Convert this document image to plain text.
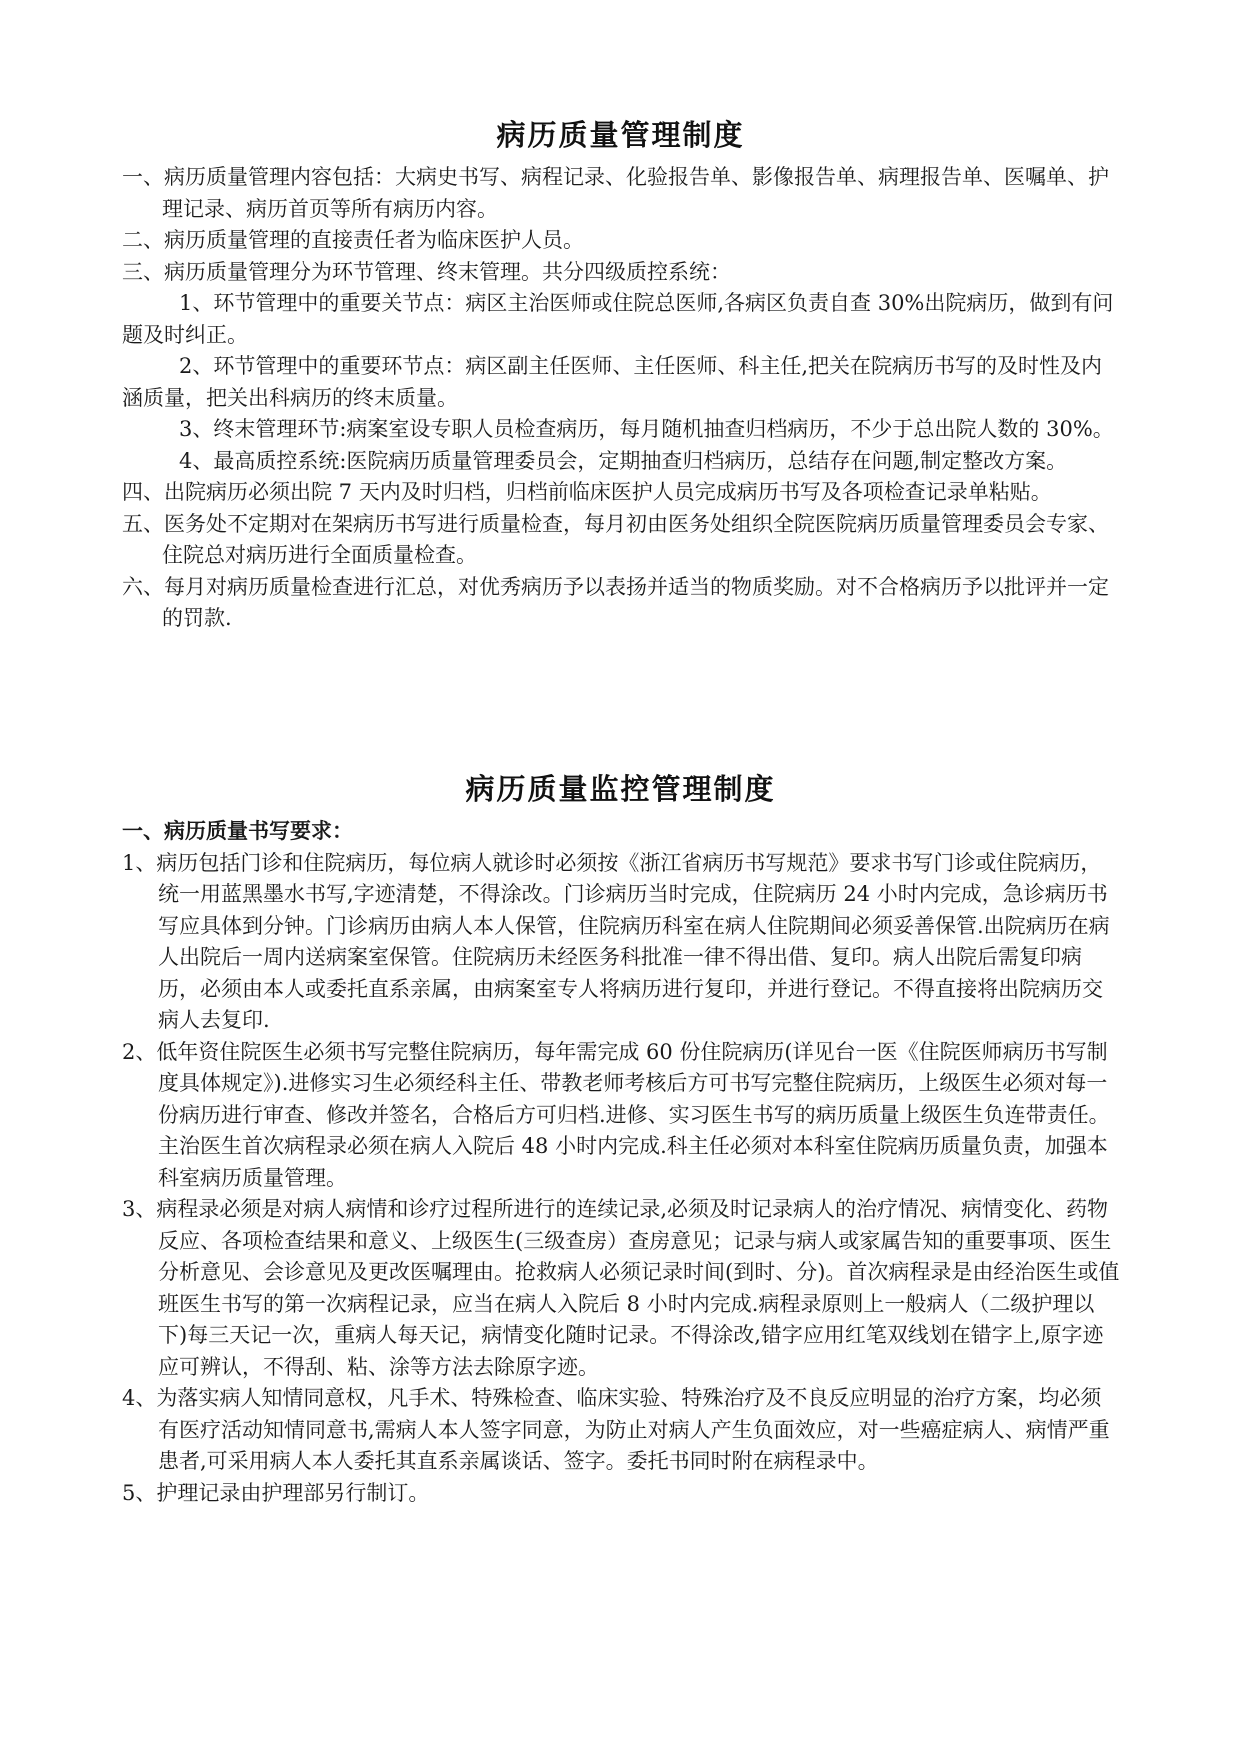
病历质量管理制度

一、病历质量管理内容包括：大病史书写、病程记录、化验报告单、影像报告单、病理报告单、医嘱单、护理记录、病历首页等所有病历内容。

二、病历质量管理的直接责任者为临床医护人员。

三、病历质量管理分为环节管理、终末管理。共分四级质控系统：

1、环节管理中的重要关节点：病区主治医师或住院总医师,各病区负责自查 30%出院病历，做到有问题及时纠正。

2、环节管理中的重要环节点：病区副主任医师、主任医师、科主任,把关在院病历书写的及时性及内涵质量，把关出科病历的终末质量。

3、终末管理环节:病案室设专职人员检查病历，每月随机抽查归档病历，不少于总出院人数的 30%。

4、最高质控系统:医院病历质量管理委员会，定期抽查归档病历，总结存在问题,制定整改方案。

四、出院病历必须出院 7 天内及时归档，归档前临床医护人员完成病历书写及各项检查记录单粘贴。

五、医务处不定期对在架病历书写进行质量检查，每月初由医务处组织全院医院病历质量管理委员会专家、住院总对病历进行全面质量检查。

六、每月对病历质量检查进行汇总，对优秀病历予以表扬并适当的物质奖励。对不合格病历予以批评并一定的罚款.

病历质量监控管理制度

一、病历质量书写要求：

1、病历包括门诊和住院病历，每位病人就诊时必须按《浙江省病历书写规范》要求书写门诊或住院病历，统一用蓝黑墨水书写,字迹清楚，不得涂改。门诊病历当时完成，住院病历 24 小时内完成，急诊病历书写应具体到分钟。门诊病历由病人本人保管，住院病历科室在病人住院期间必须妥善保管.出院病历在病人出院后一周内送病案室保管。住院病历未经医务科批准一律不得出借、复印。病人出院后需复印病历，必须由本人或委托直系亲属，由病案室专人将病历进行复印，并进行登记。不得直接将出院病历交病人去复印.

2、低年资住院医生必须书写完整住院病历，每年需完成 60 份住院病历(详见台一医《住院医师病历书写制度具体规定》).进修实习生必须经科主任、带教老师考核后方可书写完整住院病历，上级医生必须对每一份病历进行审查、修改并签名，合格后方可归档.进修、实习医生书写的病历质量上级医生负连带责任。主治医生首次病程录必须在病人入院后 48 小时内完成.科主任必须对本科室住院病历质量负责，加强本科室病历质量管理。

3、病程录必须是对病人病情和诊疗过程所进行的连续记录,必须及时记录病人的治疗情况、病情变化、药物反应、各项检查结果和意义、上级医生(三级查房）查房意见；记录与病人或家属告知的重要事项、医生分析意见、会诊意见及更改医嘱理由。抢救病人必须记录时间(到时、分)。首次病程录是由经治医生或值班医生书写的第一次病程记录，应当在病人入院后 8 小时内完成.病程录原则上一般病人（二级护理以下)每三天记一次，重病人每天记，病情变化随时记录。不得涂改,错字应用红笔双线划在错字上,原字迹应可辨认，不得刮、粘、涂等方法去除原字迹。

4、为落实病人知情同意权，凡手术、特殊检查、临床实验、特殊治疗及不良反应明显的治疗方案，均必须有医疗活动知情同意书,需病人本人签字同意，为防止对病人产生负面效应，对一些癌症病人、病情严重患者,可采用病人本人委托其直系亲属谈话、签字。委托书同时附在病程录中。

5、护理记录由护理部另行制订。
